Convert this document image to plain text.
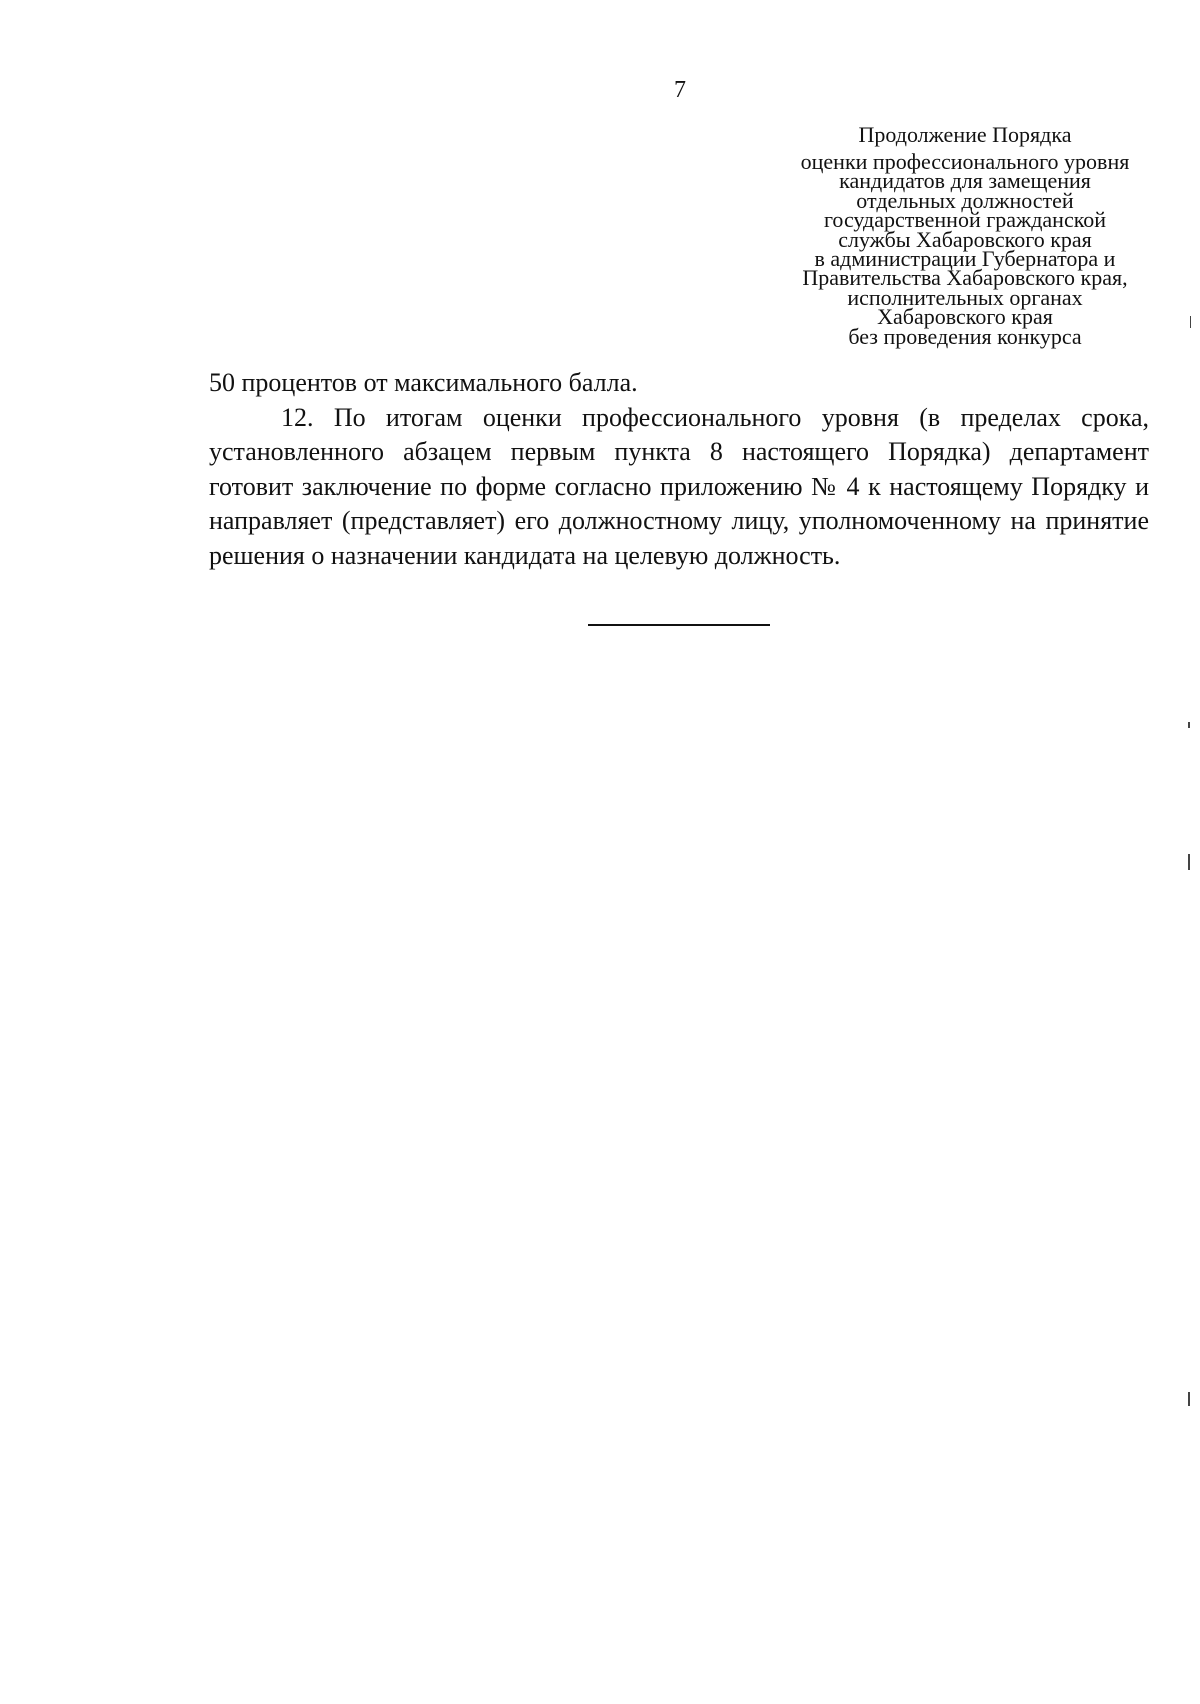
7
Продолжение Порядка
оценки профессионального уровня
кандидатов для замещения
отдельных должностей
государственной гражданской
службы Хабаровского края
в администрации Губернатора и
Правительства Хабаровского края,
исполнительных органах
Хабаровского края
без проведения конкурса

50 процентов от максимального балла.

12. По итогам оценки профессионального уровня (в пределах срока, установленного абзацем первым пункта 8 настоящего Порядка) департамент готовит заключение по форме согласно приложению № 4 к настоящему Порядку и направляет (представляет) его должностному лицу, уполномоченному на принятие решения о назначении кандидата на целевую должность.
